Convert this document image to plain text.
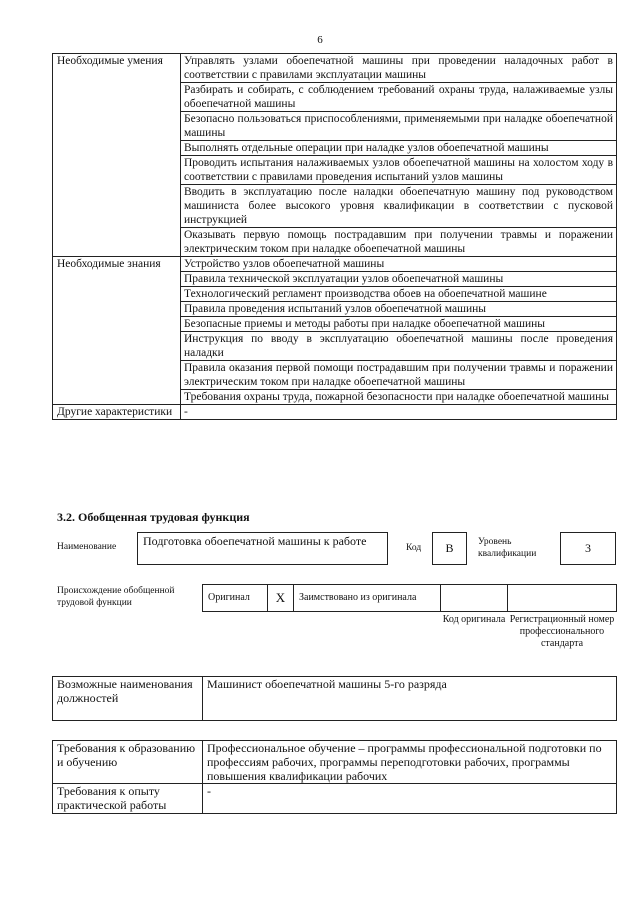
6
Необходимые умения	Управлять узлами обоепечатной машины при проведении наладочных работ в соответствии с правилами эксплуатации машины
	Разбирать и собирать, с соблюдением требований охраны труда, налаживаемые узлы обоепечатной машины
	Безопасно пользоваться приспособлениями, применяемыми при наладке обоепечатной машины
	Выполнять отдельные операции при наладке узлов обоепечатной машины
	Проводить испытания налаживаемых узлов обоепечатной машины на холостом ходу в соответствии с правилами проведения испытаний узлов машины
	Вводить в эксплуатацию после наладки обоепечатную машину под руководством машиниста более высокого уровня квалификации в соответствии с пусковой инструкцией
	Оказывать первую помощь пострадавшим при получении травмы и поражении электрическим током при наладке обоепечатной машины
Необходимые знания	Устройство узлов обоепечатной машины
	Правила технической эксплуатации узлов обоепечатной машины
	Технологический регламент производства обоев на обоепечатной машине
	Правила проведения испытаний узлов обоепечатной машины
	Безопасные приемы и методы работы при наладке обоепечатной машины
	Инструкция по вводу в эксплуатацию обоепечатной машины после проведения наладки
	Правила оказания первой помощи пострадавшим при получении травмы и поражении электрическим током при наладке обоепечатной машины
	Требования охраны труда, пожарной безопасности при наладке обоепечатной машины
Другие характеристики	-
3.2. Обобщенная трудовая функция
Наименование	Подготовка обоепечатной машины к работе	Код	В	Уровень квалификации	3
Происхождение обобщенной трудовой функции	Оригинал	X	Заимствовано из оригинала
Код оригинала Регистрационный номер профессионального стандарта
Возможные наименования должностей	Машинист обоепечатной машины 5-го разряда
Требования к образованию и обучению	Профессиональное обучение – программы профессиональной подготовки по профессиям рабочих, программы переподготовки рабочих, программы повышения квалификации рабочих
Требования к опыту практической работы	-
